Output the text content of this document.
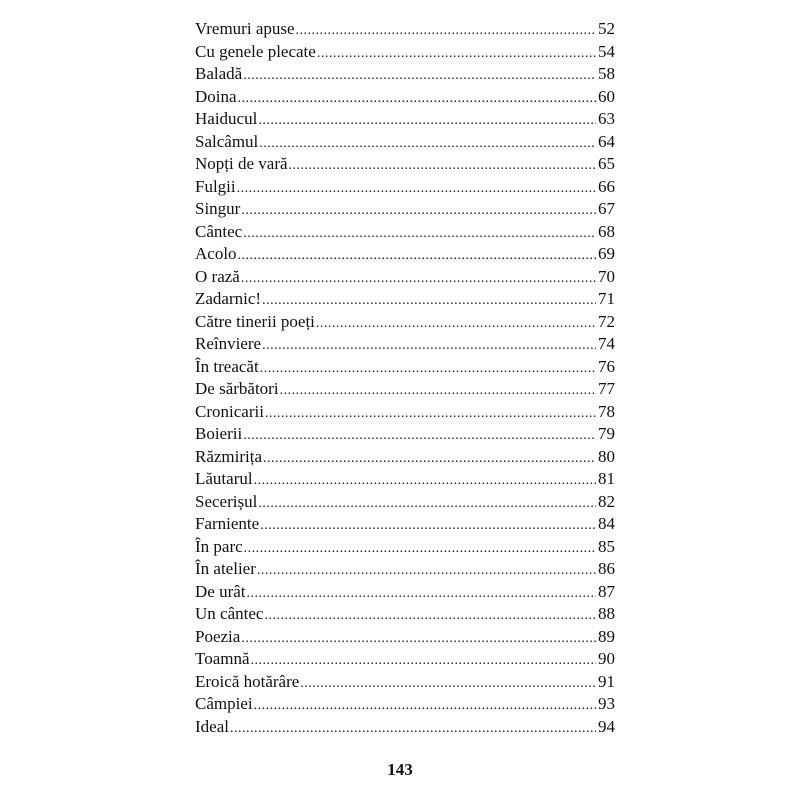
Vremuri apuse .....	52
Cu genele plecate .....	54
Baladă .....	58
Doina .....	60
Haiducul .....	63
Salcâmul .....	64
Nopți de vară .....	65
Fulgii .....	66
Singur .....	67
Cântec .....	68
Acolo .....	69
O rază .....	70
Zadarnic! .....	71
Către tinerii poeți .....	72
Reînviere .....	74
În treacăt .....	76
De sărbători .....	77
Cronicarii .....	78
Boierii .....	79
Răzmirița .....	80
Lăutarul .....	81
Secerișul .....	82
Farniente .....	84
În parc .....	85
În atelier .....	86
De urât .....	87
Un cântec .....	88
Poezia .....	89
Toamnă .....	90
Eroică hotărâre .....	91
Câmpiei .....	93
Ideal .....	94
143
